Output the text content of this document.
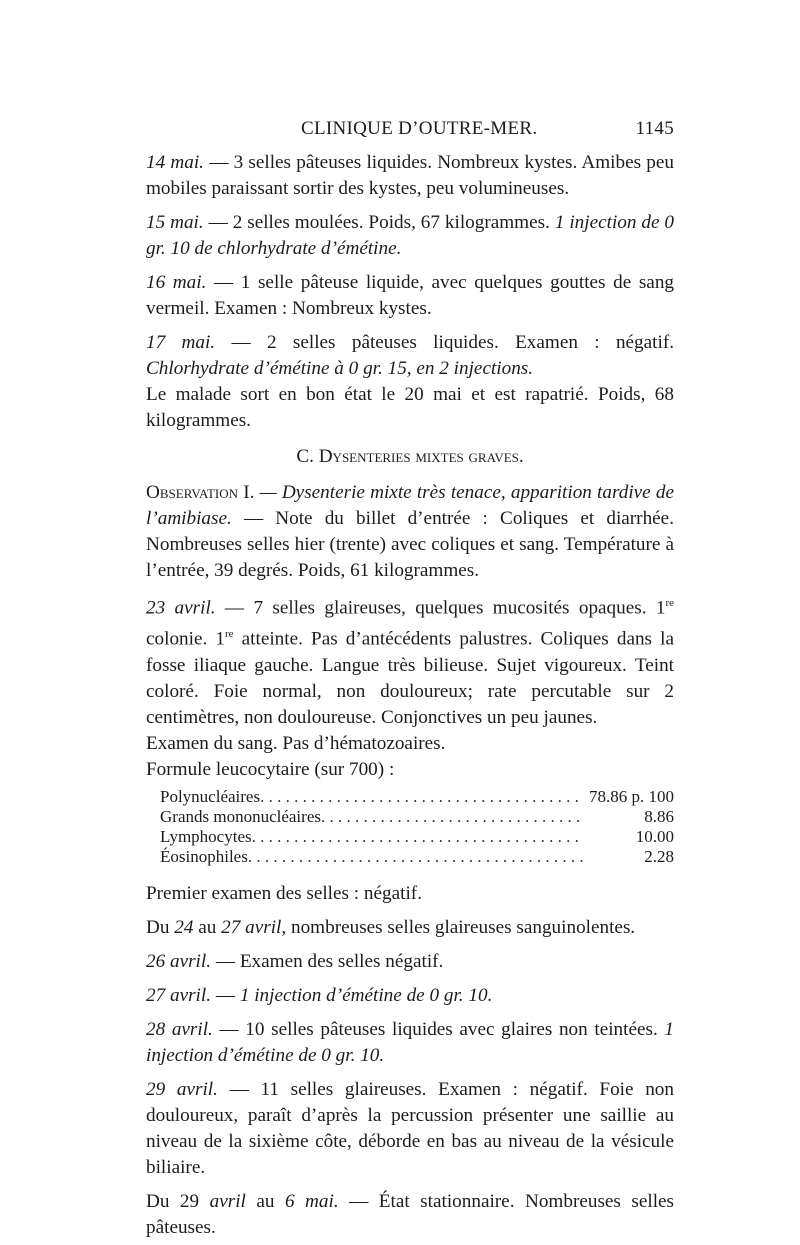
CLINIQUE D’OUTRE-MER.	1145

14 mai. — 3 selles pâteuses liquides. Nombreux kystes. Amibes peu mobiles paraissant sortir des kystes, peu volumineuses.

15 mai. — 2 selles moulées. Poids, 67 kilogrammes. 1 injection de 0 gr. 10 de chlorhydrate d’émétine.

16 mai. — 1 selle pâteuse liquide, avec quelques gouttes de sang vermeil. Examen : Nombreux kystes.

17 mai. — 2 selles pâteuses liquides. Examen : négatif. Chlorhydrate d’émétine à 0 gr. 15, en 2 injections.

Le malade sort en bon état le 20 mai et est rapatrié. Poids, 68 kilogrammes.

C. Dysenteries mixtes graves.

Observation I. — Dysenterie mixte très tenace, apparition tardive de l’amibiase. — Note du billet d’entrée : Coliques et diarrhée. Nombreuses selles hier (trente) avec coliques et sang. Température à l’entrée, 39 degrés. Poids, 61 kilogrammes.

23 avril. — 7 selles glaireuses, quelques mucosités opaques. 1re colonie. 1re atteinte. Pas d’antécédents palustres. Coliques dans la fosse iliaque gauche. Langue très bilieuse. Sujet vigoureux. Teint coloré. Foie normal, non douloureux; rate percutable sur 2 centimètres, non douloureuse. Conjonctives un peu jaunes.

Examen du sang. Pas d’hématozoaires.

Formule leucocytaire (sur 700) :

Polynucléaires . . .	78.86 p. 100
Grands mononucléaires . . .	8.86
Lymphocytes . . .	10.00
Éosinophiles . . .	2.28

Premier examen des selles : négatif.

Du 24 au 27 avril, nombreuses selles glaireuses sanguinolentes.

26 avril. — Examen des selles négatif.

27 avril. — 1 injection d’émétine de 0 gr. 10.

28 avril. — 10 selles pâteuses liquides avec glaires non teintées. 1 injection d’émétine de 0 gr. 10.

29 avril. — 11 selles glaireuses. Examen : négatif. Foie non douloureux, paraît d’après la percussion présenter une saillie au niveau de la sixième côte, déborde en bas au niveau de la vésicule biliaire.

Du 29 avril au 6 mai. — État stationnaire. Nombreuses selles pâteuses.
